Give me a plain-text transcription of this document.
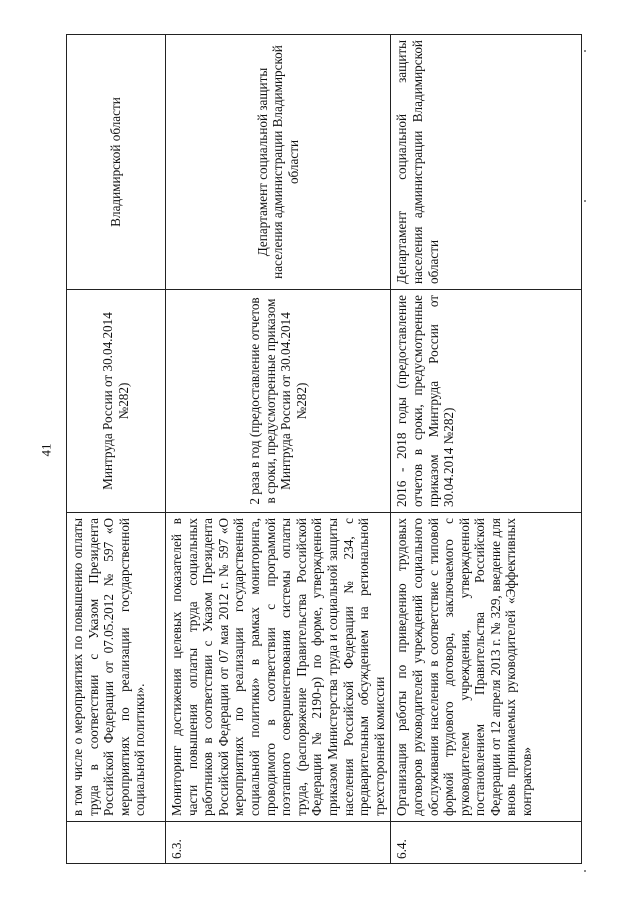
41
	в том числе о мероприятиях по повышению оплаты труда в соответствии с Указом Президента Российской Федерации от 07.05.2012 № 597 «О мероприятиях по реализации государственной социальной политики».	Минтруда России от 30.04.2014 №282)	Владимирской области
6.3.	Мониторинг достижения целевых показателей в части повышения оплаты труда социальных работников в соответствии с Указом Президента Российской Федерации от 07 мая 2012 г. № 597 «О мероприятиях по реализации государственной социальной политики» в рамках мониторинга, проводимого в соответствии с программой поэтапного совершенствования системы оплаты труда, (распоряжение Правительства Российской Федерации № 2190-р) по форме, утвержденной приказом Министерства труда и социальной защиты населения Российской Федерации № 234, с предварительным обсуждением на региональной трехсторонней комиссии	2 раза в год (предоставление отчетов в сроки, предусмотренные приказом Минтруда России от 30.04.2014 №282)	Департамент социальной защиты населения администрации Владимирской области
6.4.	Организация работы по приведению трудовых договоров руководителей учреждений социального обслуживания населения в соответствие с типовой формой трудового договора, заключаемого с руководителем учреждения, утвержденной постановлением Правительства Российской Федерации от 12 апреля 2013 г. № 329, введение для вновь принимаемых руководителей «Эффективных контрактов»	2016 - 2018 годы (предоставление отчетов в сроки, предусмотренные приказом Минтруда России от 30.04.2014 №282)	Департамент социальной защиты населения администрации Владимирской области
